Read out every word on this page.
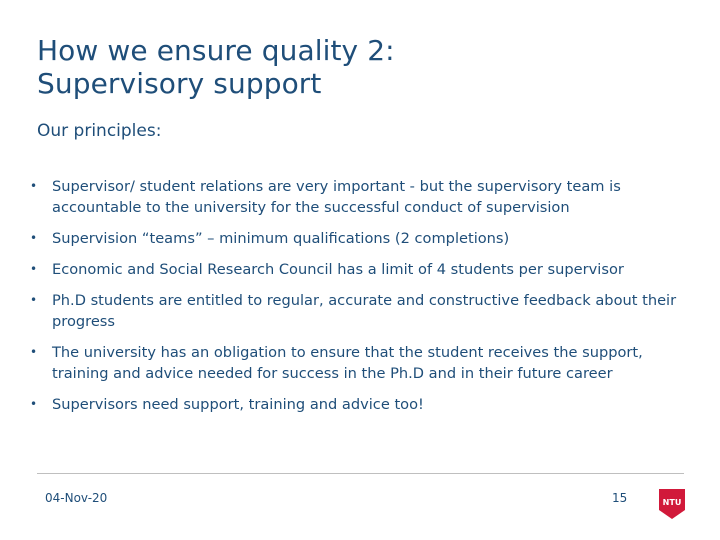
How we ensure quality 2:
Supervisory support

Our principles:

•	Supervisor/ student relations are very important - but the supervisory team is accountable to the university for the successful conduct of supervision
•	Supervision “teams” – minimum qualifications (2 completions)
•	Economic and Social Research Council has a limit of 4 students per supervisor
•	Ph.D students are entitled to regular, accurate and constructive feedback about their progress
•	The university has an obligation to ensure that the student receives the support, training and advice needed for success in the Ph.D and in their future career
•	Supervisors need support, training and advice too!
04-Nov-20	15	NTU
